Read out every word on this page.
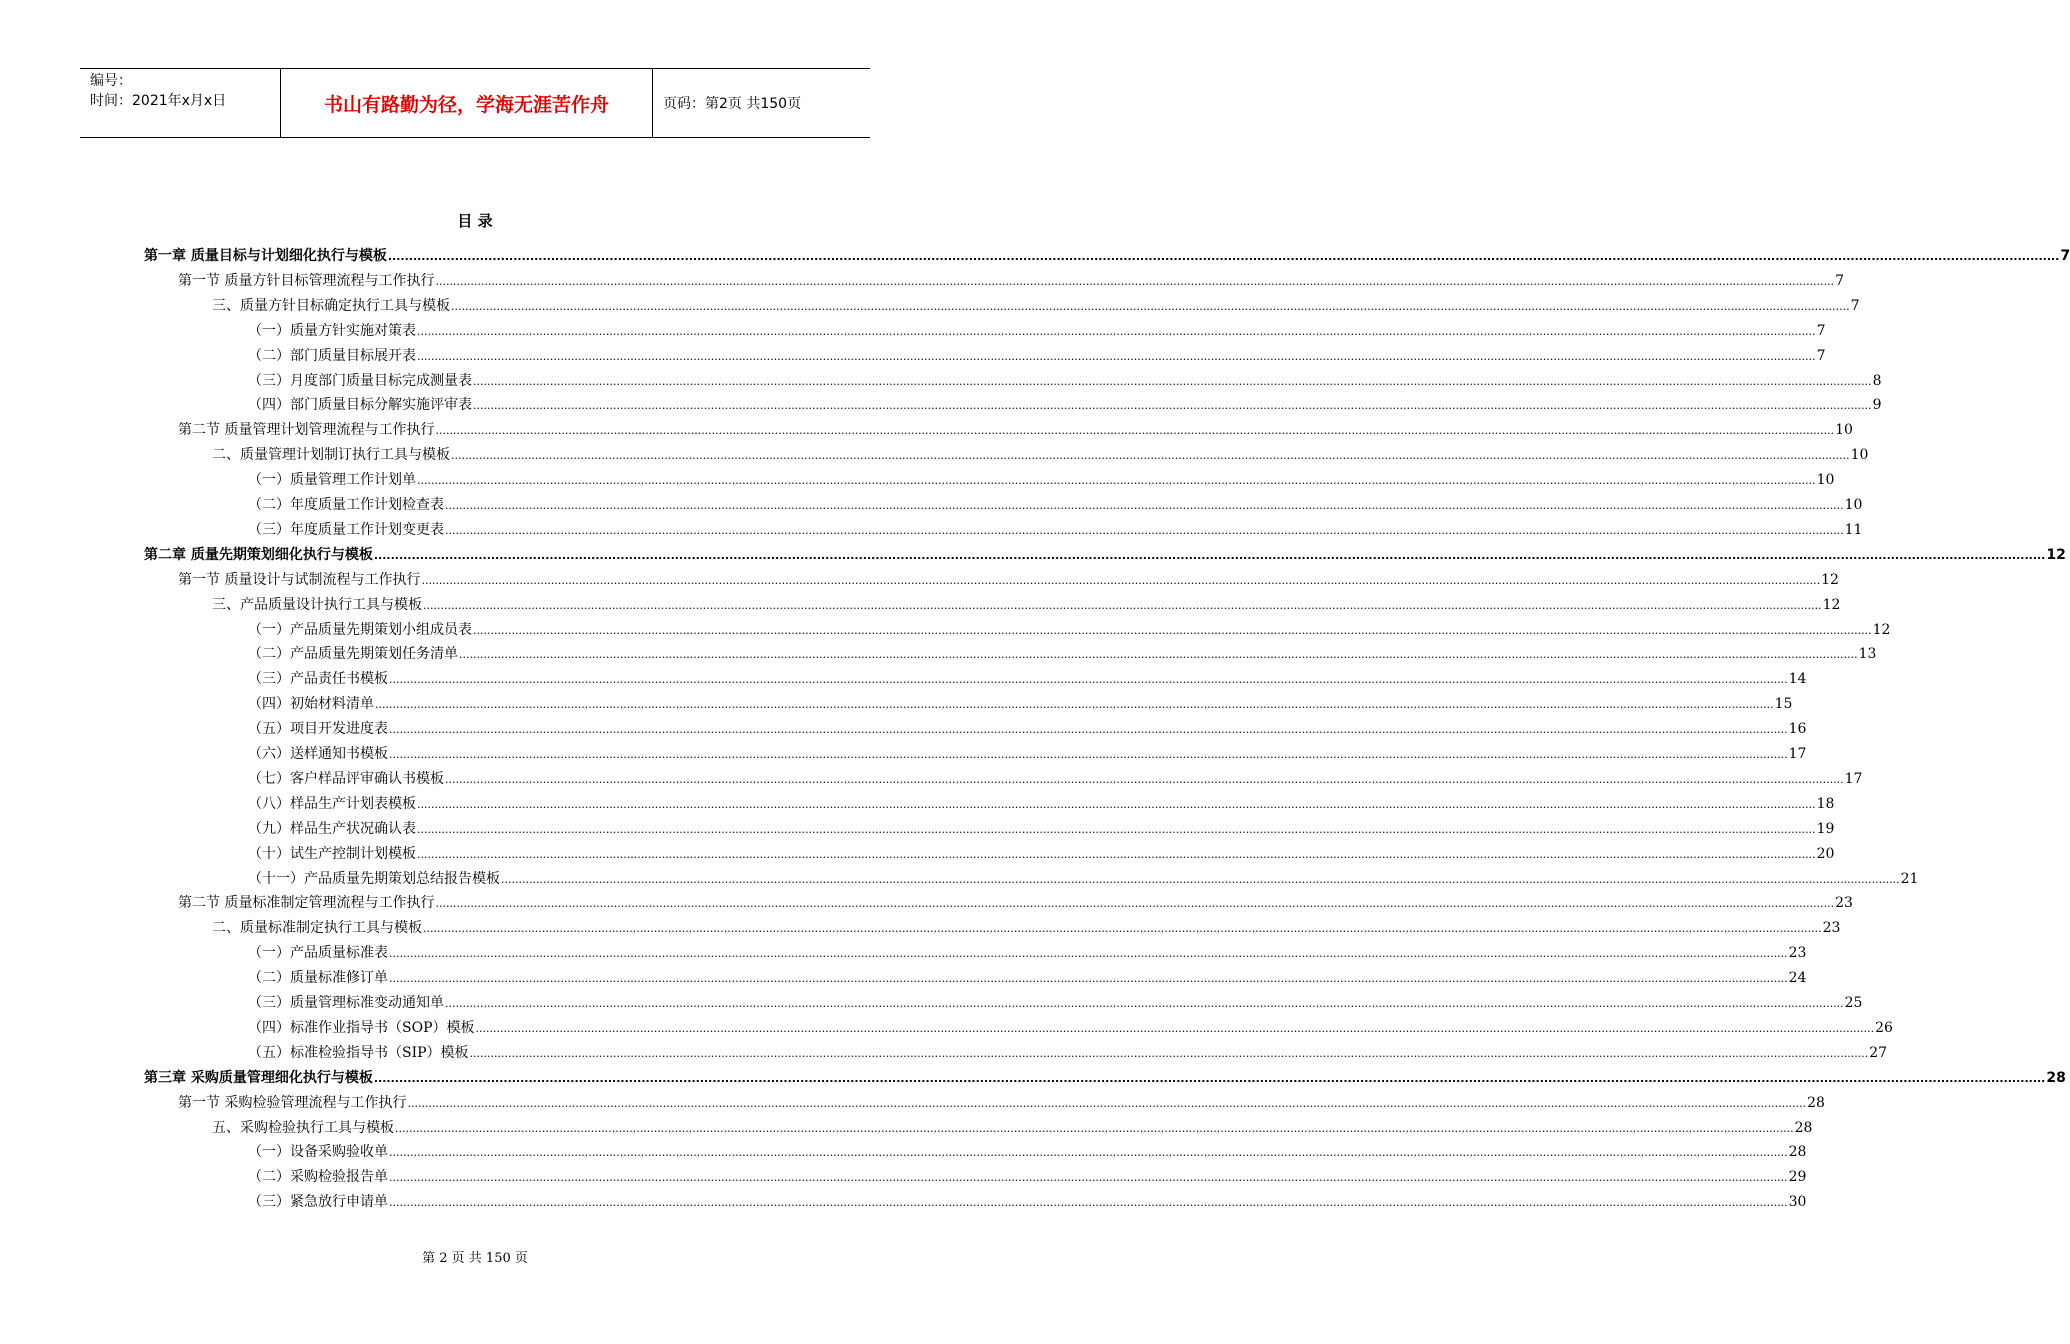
编号：
时间：2021年x月x日	书山有路勤为径，学海无涯苦作舟	页码：第2页 共150页
目 录
第一章 质量目标与计划细化执行与模板 ................................................................................................................................................................................................................................................................................................................................................................................................................ 7
第一节 质量方针目标管理流程与工作执行 ................................................................................................................................................................................................................................................................................................................................................................................................................ 7
三、质量方针目标确定执行工具与模板 ................................................................................................................................................................................................................................................................................................................................................................................................................ 7
（一）质量方针实施对策表 ................................................................................................................................................................................................................................................................................................................................................................................................................ 7
（二）部门质量目标展开表 ................................................................................................................................................................................................................................................................................................................................................................................................................ 7
（三）月度部门质量目标完成测量表 ................................................................................................................................................................................................................................................................................................................................................................................................................ 8
（四）部门质量目标分解实施评审表 ................................................................................................................................................................................................................................................................................................................................................................................................................ 9
第二节 质量管理计划管理流程与工作执行 ................................................................................................................................................................................................................................................................................................................................................................................................................ 10
二、质量管理计划制订执行工具与模板 ................................................................................................................................................................................................................................................................................................................................................................................................................ 10
（一）质量管理工作计划单 ................................................................................................................................................................................................................................................................................................................................................................................................................ 10
（二）年度质量工作计划检查表 ................................................................................................................................................................................................................................................................................................................................................................................................................ 10
（三）年度质量工作计划变更表 ................................................................................................................................................................................................................................................................................................................................................................................................................ 11
第二章 质量先期策划细化执行与模板 ................................................................................................................................................................................................................................................................................................................................................................................................................ 12
第一节 质量设计与试制流程与工作执行 ................................................................................................................................................................................................................................................................................................................................................................................................................ 12
三、产品质量设计执行工具与模板 ................................................................................................................................................................................................................................................................................................................................................................................................................ 12
（一）产品质量先期策划小组成员表 ................................................................................................................................................................................................................................................................................................................................................................................................................ 12
（二）产品质量先期策划任务清单 ................................................................................................................................................................................................................................................................................................................................................................................................................ 13
（三）产品责任书模板 ................................................................................................................................................................................................................................................................................................................................................................................................................ 14
（四）初始材料清单 ................................................................................................................................................................................................................................................................................................................................................................................................................ 15
（五）项目开发进度表 ................................................................................................................................................................................................................................................................................................................................................................................................................ 16
（六）送样通知书模板 ................................................................................................................................................................................................................................................................................................................................................................................................................ 17
（七）客户样品评审确认书模板 ................................................................................................................................................................................................................................................................................................................................................................................................................ 17
（八）样品生产计划表模板 ................................................................................................................................................................................................................................................................................................................................................................................................................ 18
（九）样品生产状况确认表 ................................................................................................................................................................................................................................................................................................................................................................................................................ 19
（十）试生产控制计划模板 ................................................................................................................................................................................................................................................................................................................................................................................................................ 20
（十一）产品质量先期策划总结报告模板 ................................................................................................................................................................................................................................................................................................................................................................................................................ 21
第二节 质量标准制定管理流程与工作执行 ................................................................................................................................................................................................................................................................................................................................................................................................................ 23
二、质量标准制定执行工具与模板 ................................................................................................................................................................................................................................................................................................................................................................................................................ 23
（一）产品质量标准表 ................................................................................................................................................................................................................................................................................................................................................................................................................ 23
（二）质量标准修订单 ................................................................................................................................................................................................................................................................................................................................................................................................................ 24
（三）质量管理标准变动通知单 ................................................................................................................................................................................................................................................................................................................................................................................................................ 25
（四）标准作业指导书（SOP）模板 ................................................................................................................................................................................................................................................................................................................................................................................................................ 26
（五）标准检验指导书（SIP）模板 ................................................................................................................................................................................................................................................................................................................................................................................................................ 27
第三章 采购质量管理细化执行与模板 ................................................................................................................................................................................................................................................................................................................................................................................................................ 28
第一节 采购检验管理流程与工作执行 ................................................................................................................................................................................................................................................................................................................................................................................................................ 28
五、采购检验执行工具与模板 ................................................................................................................................................................................................................................................................................................................................................................................................................ 28
（一）设备采购验收单 ................................................................................................................................................................................................................................................................................................................................................................................................................ 28
（二）采购检验报告单 ................................................................................................................................................................................................................................................................................................................................................................................................................ 29
（三）紧急放行申请单 ................................................................................................................................................................................................................................................................................................................................................................................................................ 30
第 2 页 共 150 页
